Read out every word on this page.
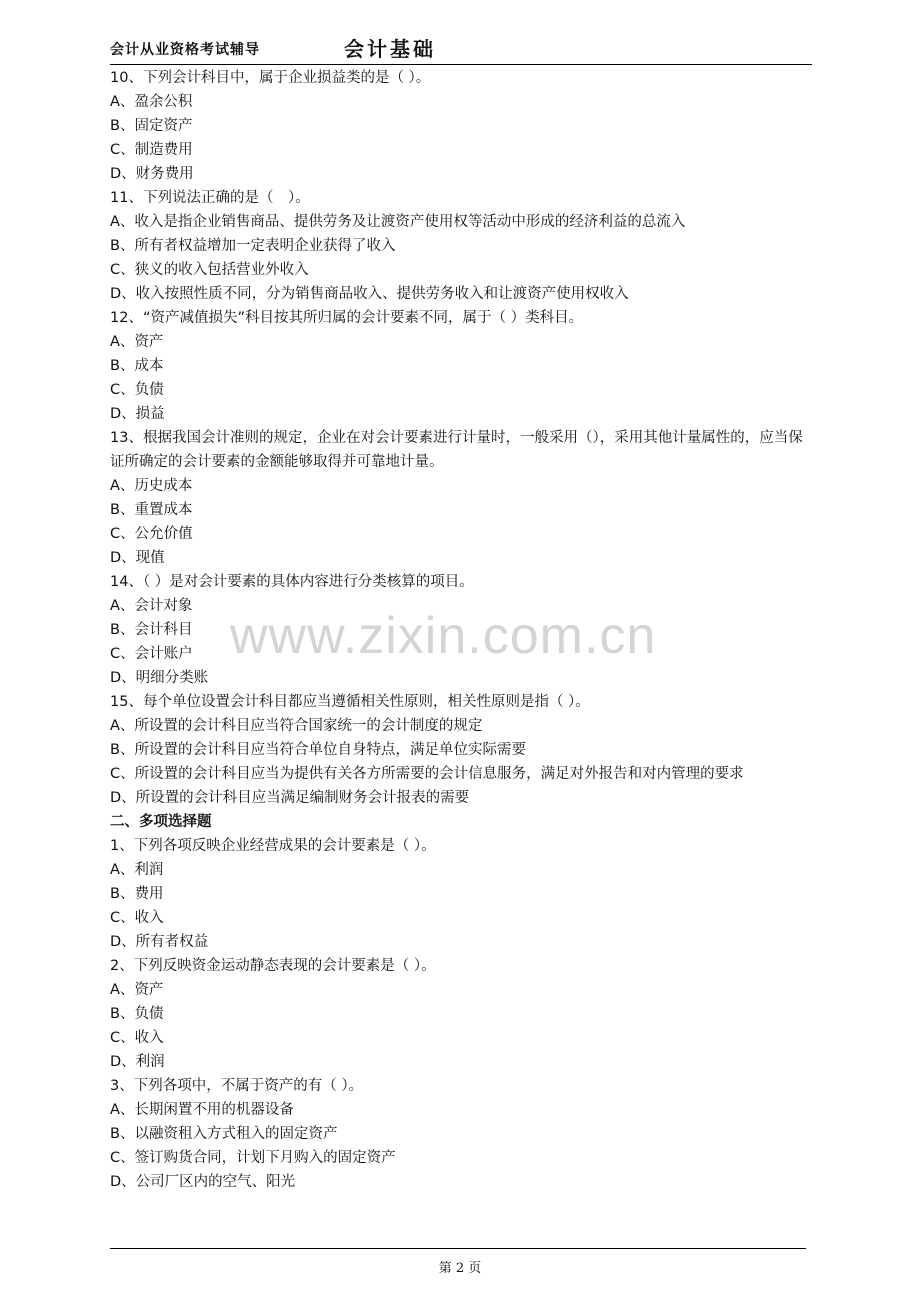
会计从业资格考试辅导	会计基础
www.zixin.com.cn
10、下列会计科目中，属于企业损益类的是（ ）。
A、盈余公积
B、固定资产
C、制造费用
D、财务费用
11、下列说法正确的是（　）。
A、收入是指企业销售商品、提供劳务及让渡资产使用权等活动中形成的经济利益的总流入
B、所有者权益增加一定表明企业获得了收入
C、狭义的收入包括营业外收入
D、收入按照性质不同，分为销售商品收入、提供劳务收入和让渡资产使用权收入
12、“资产减值损失”科目按其所归属的会计要素不同，属于（ ）类科目。
A、资产
B、成本
C、负债
D、损益
13、根据我国会计准则的规定，企业在对会计要素进行计量时，一般采用（），采用其他计量属性的，应当保证所确定的会计要素的金额能够取得并可靠地计量。
A、历史成本
B、重置成本
C、公允价值
D、现值
14、（ ）是对会计要素的具体内容进行分类核算的项目。
A、会计对象
B、会计科目
C、会计账户
D、明细分类账
15、每个单位设置会计科目都应当遵循相关性原则，相关性原则是指（ ）。
A、所设置的会计科目应当符合国家统一的会计制度的规定
B、所设置的会计科目应当符合单位自身特点，满足单位实际需要
C、所设置的会计科目应当为提供有关各方所需要的会计信息服务，满足对外报告和对内管理的要求
D、所设置的会计科目应当满足编制财务会计报表的需要
二、多项选择题
1、下列各项反映企业经营成果的会计要素是（ ）。
A、利润
B、费用
C、收入
D、所有者权益
2、下列反映资金运动静态表现的会计要素是（ ）。
A、资产
B、负债
C、收入
D、利润
3、下列各项中，不属于资产的有（ ）。
A、长期闲置不用的机器设备
B、以融资租入方式租入的固定资产
C、签订购货合同，计划下月购入的固定资产
D、公司厂区内的空气、阳光
第 2 页
